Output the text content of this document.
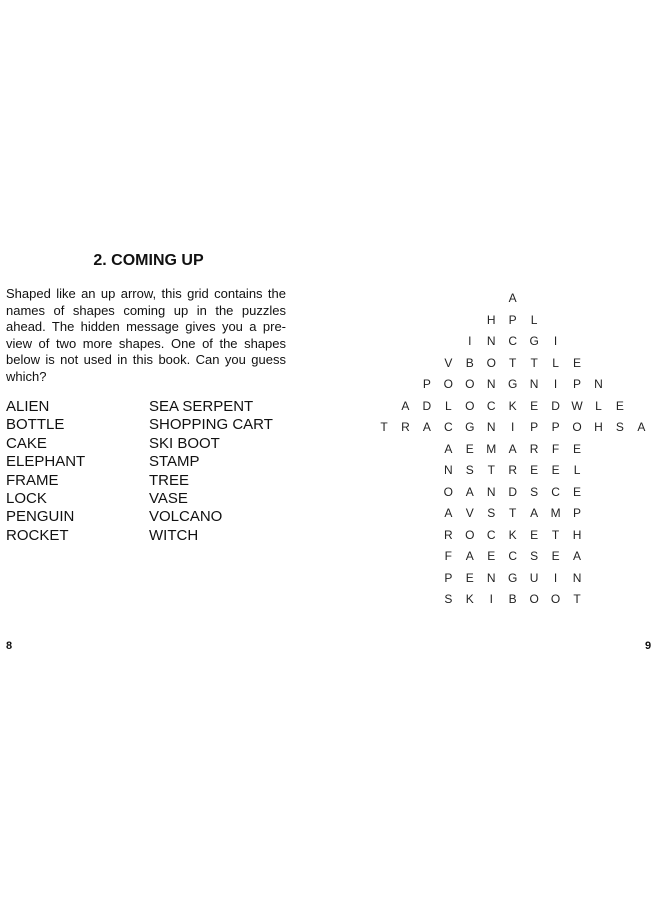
2. COMING UP

Shaped like an up arrow, this grid contains the names of shapes coming up in the puzzles ahead. The hidden message gives you a pre-view of two more shapes. One of the shapes below is not used in this book. Can you guess which?

ALIEN
BOTTLE
CAKE
ELEPHANT
FRAME
LOCK
PENGUIN
ROCKET
SEA SERPENT
SHOPPING CART
SKI BOOT
STAMP
TREE
VASE
VOLCANO
WITCH
A
H	P	L
I	N	C	G	I
V	B	O	T	T	L	E
P	O	O	N	G	N	I	P	N
A	D	L	O	C	K	E	D W	L	E
T	R	A	C	G	N	I	P	P	O	H	S	A
A	E	M	A	R	F	E
N	S	T	R	E	E	L
O	A	N	D	S	C	E
A	V	S	T	A	M	P
R	O	C	K	E	T	H
F	A	E	C	S	E	A
P	E	N	G	U	I	N
S	K	I	B	O	O	T
8	9
